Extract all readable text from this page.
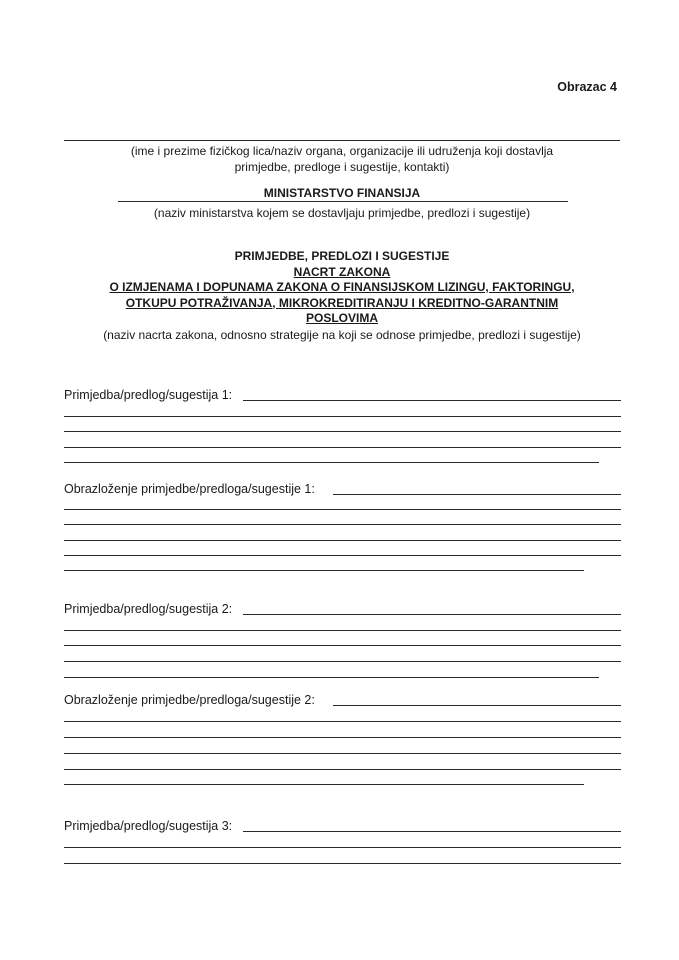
Obrazac 4
(ime i prezime fizičkog lica/naziv organa, organizacije ili udruženja koji dostavlja
primjedbe, predloge i sugestije, kontakti)
MINISTARSTVO FINANSIJA
(naziv ministarstva kojem se dostavljaju primjedbe, predlozi i sugestije)
PRIMJEDBE, PREDLOZI I SUGESTIJE
NACRT ZAKONA
O IZMJENAMA I DOPUNAMA ZAKONA O FINANSIJSKOM LIZINGU, FAKTORINGU,
OTKUPU POTRAŽIVANJA, MIKROKREDITIRANJU I KREDITNO-GARANTNIM
POSLOVIMA
(naziv nacrta zakona, odnosno strategije na koji se odnose primjedbe, predlozi i sugestije)
Primjedba/predlog/sugestija 1:
Obrazloženje primjedbe/predloga/sugestije 1:
Primjedba/predlog/sugestija 2:
Obrazloženje primjedbe/predloga/sugestije 2:
Primjedba/predlog/sugestija 3:
